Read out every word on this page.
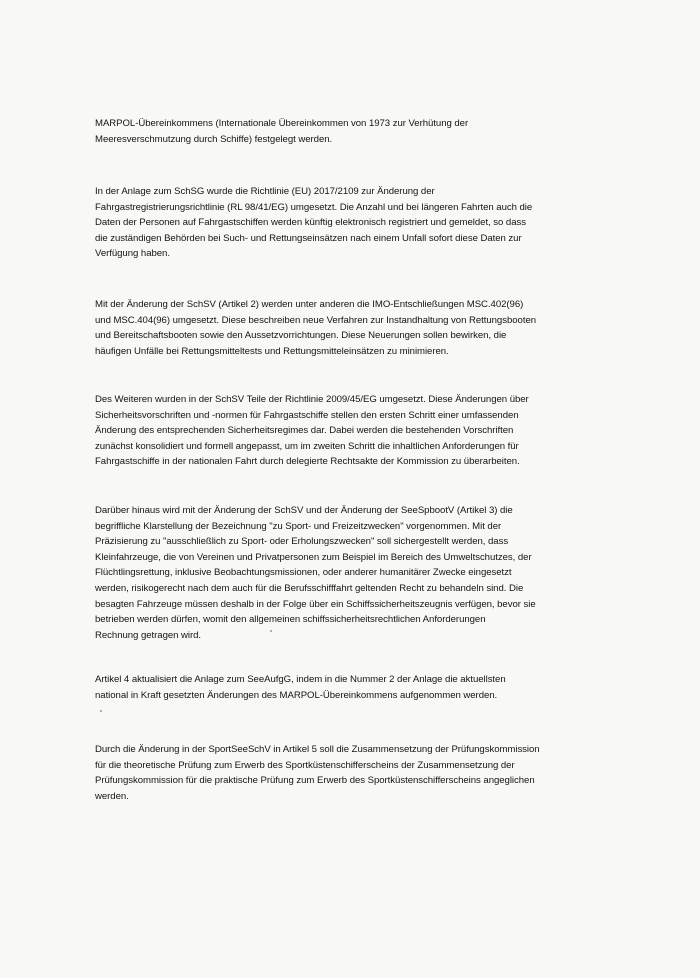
MARPOL-Übereinkommens (Internationale Übereinkommen von 1973 zur Verhütung der
Meeresverschmutzung durch Schiffe) festgelegt werden.

In der Anlage zum SchSG wurde die Richtlinie (EU) 2017/2109 zur Änderung der
Fahrgastregistrierungsrichtlinie (RL 98/41/EG) umgesetzt. Die Anzahl und bei längeren Fahrten auch die
Daten der Personen auf Fahrgastschiffen werden künftig elektronisch registriert und gemeldet, so dass
die zuständigen Behörden bei Such- und Rettungseinsätzen nach einem Unfall sofort diese Daten zur
Verfügung haben.

Mit der Änderung der SchSV (Artikel 2) werden unter anderen die IMO-Entschließungen MSC.402(96)
und MSC.404(96) umgesetzt. Diese beschreiben neue Verfahren zur Instandhaltung von Rettungsbooten
und Bereitschaftsbooten sowie den Aussetzvorrichtungen. Diese Neuerungen sollen bewirken, die
häufigen Unfälle bei Rettungsmitteltests und Rettungsmitteleinsätzen zu minimieren.

Des Weiteren wurden in der SchSV Teile der Richtlinie 2009/45/EG umgesetzt. Diese Änderungen über
Sicherheitsvorschriften und -normen für Fahrgastschiffe stellen den ersten Schritt einer umfassenden
Änderung des entsprechenden Sicherheitsregimes dar. Dabei werden die bestehenden Vorschriften
zunächst konsolidiert und formell angepasst, um im zweiten Schritt die inhaltlichen Anforderungen für
Fahrgastschiffe in der nationalen Fahrt durch delegierte Rechtsakte der Kommission zu überarbeiten.

Darüber hinaus wird mit der Änderung der SchSV und der Änderung der SeeSpbootV (Artikel 3) die
begriffliche Klarstellung der Bezeichnung "zu Sport- und Freizeitzwecken" vorgenommen. Mit der
Präzisierung zu "ausschließlich zu Sport- oder Erholungszwecken" soll sichergestellt werden, dass
Kleinfahrzeuge, die von Vereinen und Privatpersonen zum Beispiel im Bereich des Umweltschutzes, der
Flüchtlingsrettung, inklusive Beobachtungsmissionen, oder anderer humanitärer Zwecke eingesetzt
werden, risikogerecht nach dem auch für die Berufsschifffahrt geltenden Recht zu behandeln sind. Die
besagten Fahrzeuge müssen deshalb in der Folge über ein Schiffssicherheitszeugnis verfügen, bevor sie
betrieben werden dürfen, womit den allgemeinen schiffssicherheitsrechtlichen Anforderungen
Rechnung getragen wird.

Artikel 4 aktualisiert die Anlage zum SeeAufgG, indem in die Nummer 2 der Anlage die aktuellsten
national in Kraft gesetzten Änderungen des MARPOL-Übereinkommens aufgenommen werden.

Durch die Änderung in der SportSeeSchV in Artikel 5 soll die Zusammensetzung der Prüfungskommission
für die theoretische Prüfung zum Erwerb des Sportküstenschifferscheins der Zusammensetzung der
Prüfungskommission für die praktische Prüfung zum Erwerb des Sportküstenschifferscheins angeglichen
werden.
